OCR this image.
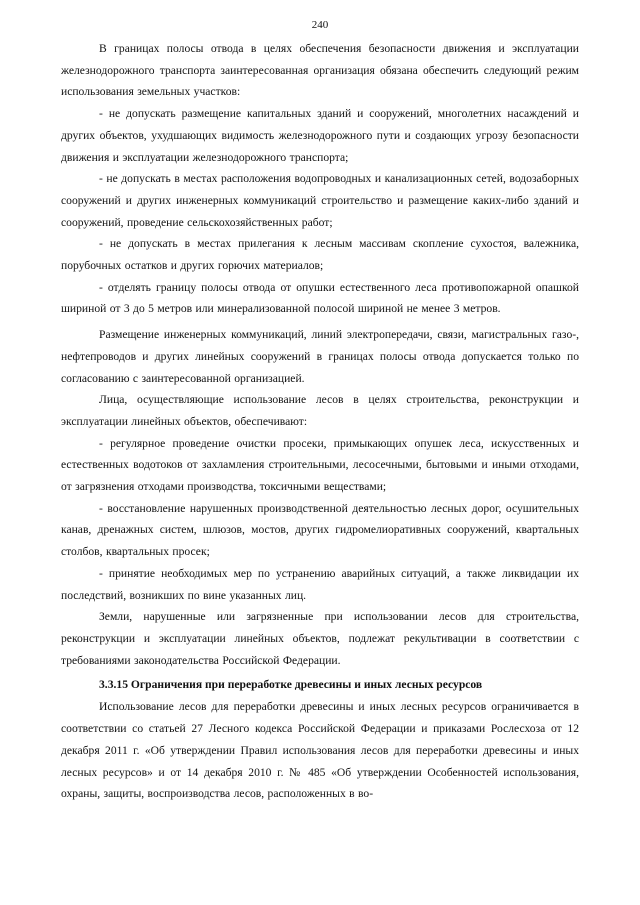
240

В границах полосы отвода в целях обеспечения безопасности движения и эксплуатации железнодорожного транспорта заинтересованная организация обязана обеспечить следующий режим использования земельных участков:

- не допускать размещение капитальных зданий и сооружений, многолетних насаждений и других объектов, ухудшающих видимость железнодорожного пути и создающих угрозу безопасности движения и эксплуатации железнодорожного транспорта;

- не допускать в местах расположения водопроводных и канализационных сетей, водозаборных сооружений и других инженерных коммуникаций строительство и размещение каких-либо зданий и сооружений, проведение сельскохозяйственных работ;

- не допускать в местах прилегания к лесным массивам скопление сухостоя, валежника, порубочных остатков и других горючих материалов;

- отделять границу полосы отвода от опушки естественного леса противопожарной опашкой шириной от 3 до 5 метров или минерализованной полосой шириной не менее 3 метров.

Размещение инженерных коммуникаций, линий электропередачи, связи, магистральных газо-, нефтепроводов и других линейных сооружений в границах полосы отвода допускается только по согласованию с заинтересованной организацией.

Лица, осуществляющие использование лесов в целях строительства, реконструкции и эксплуатации линейных объектов, обеспечивают:

- регулярное проведение очистки просеки, примыкающих опушек леса, искусственных и естественных водотоков от захламления строительными, лесосечными, бытовыми и иными отходами, от загрязнения отходами производства, токсичными веществами;

- восстановление нарушенных производственной деятельностью лесных дорог, осушительных канав, дренажных систем, шлюзов, мостов, других гидромелиоративных сооружений, квартальных столбов, квартальных просек;

- принятие необходимых мер по устранению аварийных ситуаций, а также ликвидации их последствий, возникших по вине указанных лиц.

Земли, нарушенные или загрязненные при использовании лесов для строительства, реконструкции и эксплуатации линейных объектов, подлежат рекультивации в соответствии с требованиями законодательства Российской Федерации.

3.3.15 Ограничения при переработке древесины и иных лесных ресурсов

Использование лесов для переработки древесины и иных лесных ресурсов ограничивается в соответствии со статьей 27 Лесного кодекса Российской Федерации и приказами Рослесхоза от 12 декабря 2011 г. «Об утверждении Правил использования лесов для переработки древесины и иных лесных ресурсов» и от 14 декабря 2010 г. № 485 «Об утверждении Особенностей использования, охраны, защиты, воспроизводства лесов, расположенных в во-
